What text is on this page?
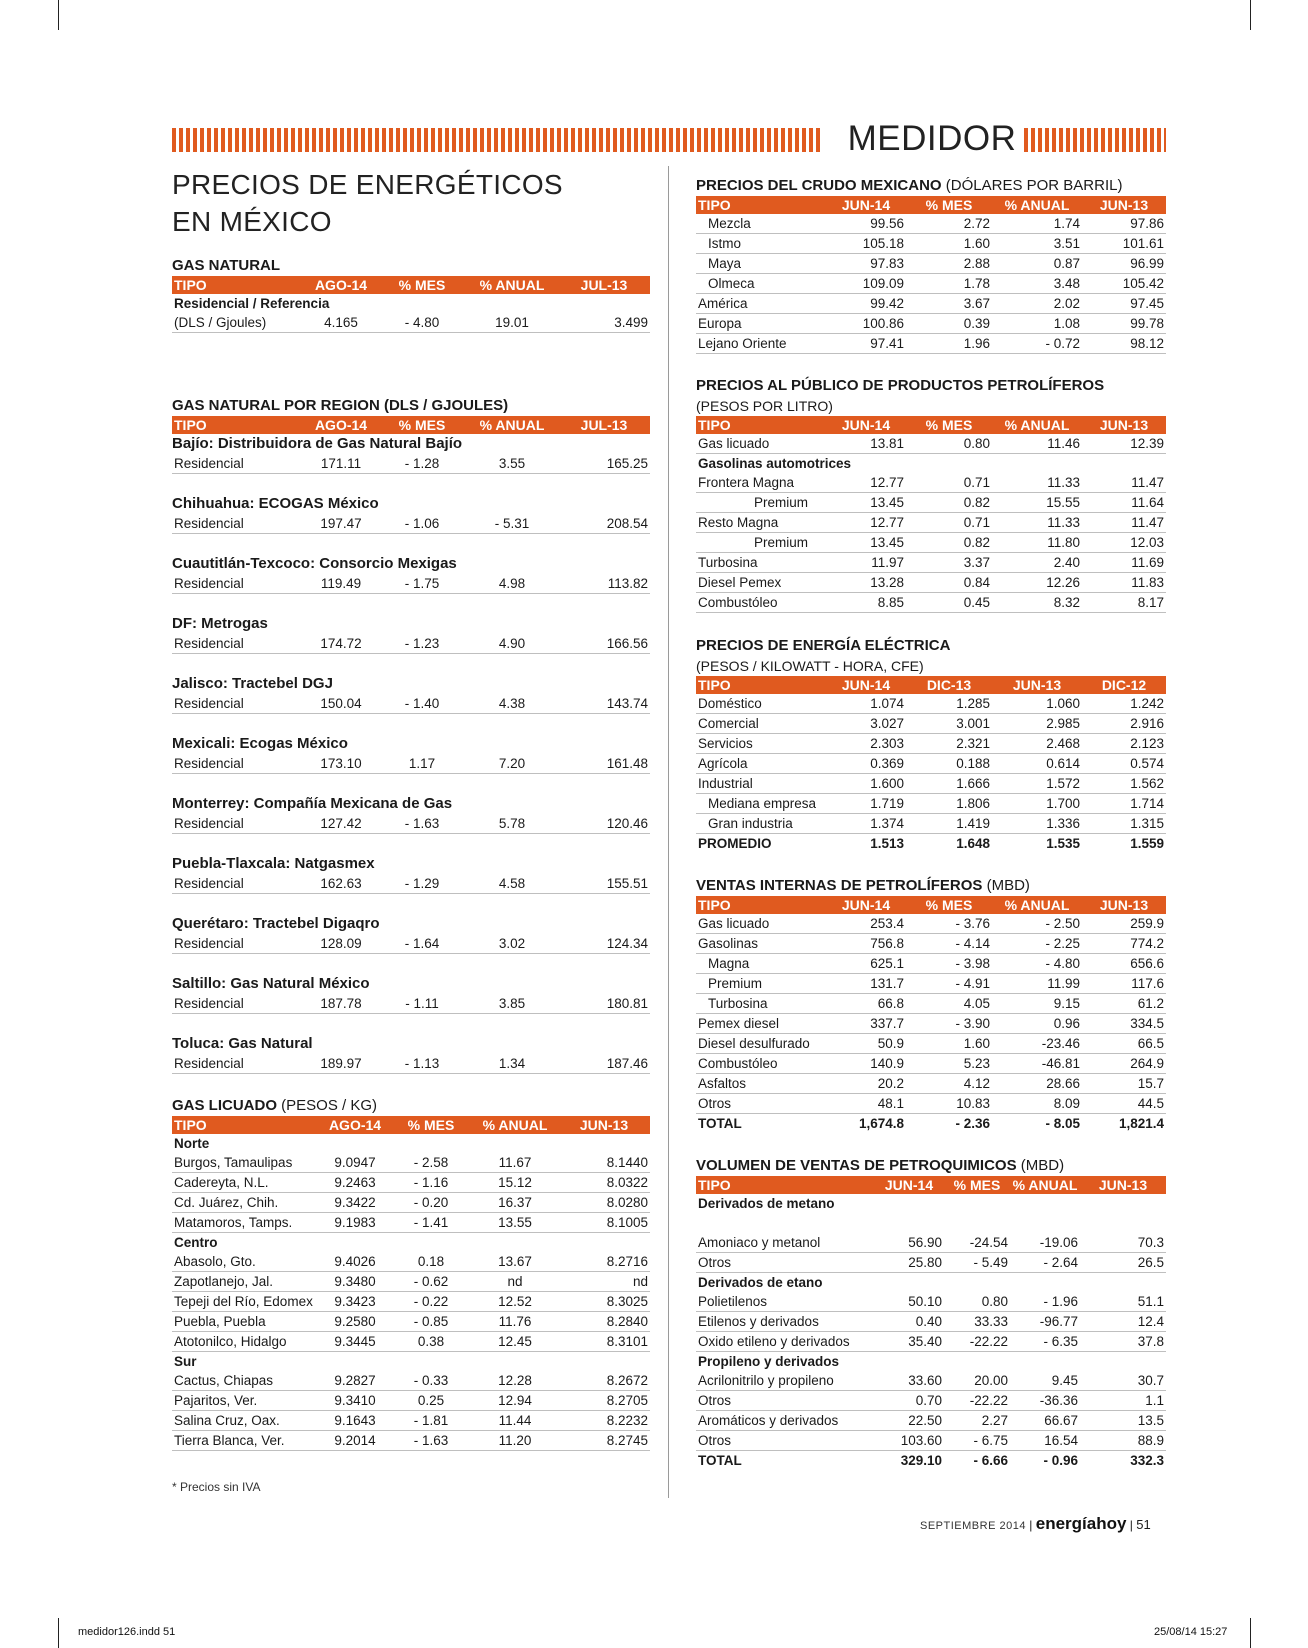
MEDIDOR
PRECIOS DE ENERGÉTICOS
EN MÉXICO
GAS NATURAL
TIPO	AGO-14	% MES	% ANUAL	JUL-13
Residencial / Referencia				
(DLS / Gjoules)	4.165	- 4.80	19.01	3.499
GAS NATURAL POR REGION (DLS / GJOULES)
TIPO	AGO-14	% MES	% ANUAL	JUL-13
Bajío: Distribuidora de Gas Natural Bajío
Residencial	171.11	- 1.28	3.55	165.25
Chihuahua: ECOGAS México
Residencial	197.47	- 1.06	- 5.31	208.54
Cuautitlán-Texcoco: Consorcio Mexigas
Residencial	119.49	- 1.75	4.98	113.82
DF: Metrogas
Residencial	174.72	- 1.23	4.90	166.56
Jalisco: Tractebel DGJ
Residencial	150.04	- 1.40	4.38	143.74
Mexicali: Ecogas México
Residencial	173.10	1.17	7.20	161.48
Monterrey: Compañía Mexicana de Gas
Residencial	127.42	- 1.63	5.78	120.46
Puebla-Tlaxcala: Natgasmex
Residencial	162.63	- 1.29	4.58	155.51
Querétaro: Tractebel Digaqro
Residencial	128.09	- 1.64	3.02	124.34
Saltillo: Gas Natural México
Residencial	187.78	- 1.11	3.85	180.81
Toluca: Gas Natural
Residencial	189.97	- 1.13	1.34	187.46
GAS LICUADO (PESOS / KG)
TIPO	AGO-14	% MES	% ANUAL	JUN-13
Norte				
Burgos, Tamaulipas	9.0947	- 2.58	11.67	8.1440
Cadereyta, N.L.	9.2463	- 1.16	15.12	8.0322
Cd. Juárez, Chih.	9.3422	- 0.20	16.37	8.0280
Matamoros, Tamps.	9.1983	- 1.41	13.55	8.1005
Centro				
Abasolo, Gto.	9.4026	0.18	13.67	8.2716
Zapotlanejo, Jal.	9.3480	- 0.62	nd	nd
Tepeji del Río, Edomex	9.3423	- 0.22	12.52	8.3025
Puebla, Puebla	9.2580	- 0.85	11.76	8.2840
Atotonilco, Hidalgo	9.3445	0.38	12.45	8.3101
Sur				
Cactus, Chiapas	9.2827	- 0.33	12.28	8.2672
Pajaritos, Ver.	9.3410	0.25	12.94	8.2705
Salina Cruz, Oax.	9.1643	- 1.81	11.44	8.2232
Tierra Blanca, Ver.	9.2014	- 1.63	11.20	8.2745
* Precios sin IVA
PRECIOS DEL CRUDO MEXICANO (DÓLARES POR BARRIL)
TIPO	JUN-14	% MES	% ANUAL	JUN-13
Mezcla	99.56	2.72	1.74	97.86
Istmo	105.18	1.60	3.51	101.61
Maya	97.83	2.88	0.87	96.99
Olmeca	109.09	1.78	3.48	105.42
América	99.42	3.67	2.02	97.45
Europa	100.86	0.39	1.08	99.78
Lejano Oriente	97.41	1.96	- 0.72	98.12
PRECIOS AL PÚBLICO DE PRODUCTOS PETROLÍFEROS
(PESOS POR LITRO)
TIPO	JUN-14	% MES	% ANUAL	JUN-13
Gas licuado	13.81	0.80	11.46	12.39
Gasolinas automotrices				
Frontera Magna	12.77	0.71	11.33	11.47
Premium	13.45	0.82	15.55	11.64
Resto Magna	12.77	0.71	11.33	11.47
Premium	13.45	0.82	11.80	12.03
Turbosina	11.97	3.37	2.40	11.69
Diesel Pemex	13.28	0.84	12.26	11.83
Combustóleo	8.85	0.45	8.32	8.17
PRECIOS DE ENERGÍA ELÉCTRICA
(PESOS / KILOWATT - HORA, CFE)
TIPO	JUN-14	DIC-13	JUN-13	DIC-12
Doméstico	1.074	1.285	1.060	1.242
Comercial	3.027	3.001	2.985	2.916
Servicios	2.303	2.321	2.468	2.123
Agrícola	0.369	0.188	0.614	0.574
Industrial	1.600	1.666	1.572	1.562
Mediana empresa	1.719	1.806	1.700	1.714
Gran industria	1.374	1.419	1.336	1.315
PROMEDIO	1.513	1.648	1.535	1.559
VENTAS INTERNAS DE PETROLÍFEROS (MBD)
TIPO	JUN-14	% MES	% ANUAL	JUN-13
Gas licuado	253.4	- 3.76	- 2.50	259.9
Gasolinas	756.8	- 4.14	- 2.25	774.2
Magna	625.1	- 3.98	- 4.80	656.6
Premium	131.7	- 4.91	11.99	117.6
Turbosina	66.8	4.05	9.15	61.2
Pemex diesel	337.7	- 3.90	0.96	334.5
Diesel desulfurado	50.9	1.60	-23.46	66.5
Combustóleo	140.9	5.23	-46.81	264.9
Asfaltos	20.2	4.12	28.66	15.7
Otros	48.1	10.83	8.09	44.5
TOTAL	1,674.8	- 2.36	- 8.05	1,821.4
VOLUMEN DE VENTAS DE PETROQUIMICOS (MBD)
TIPO	JUN-14	% MES	% ANUAL	JUN-13
Derivados de metano				

Amoniaco y metanol	56.90	-24.54	-19.06	70.3
Otros	25.80	- 5.49	- 2.64	26.5
Derivados de etano				
Polietilenos	50.10	0.80	- 1.96	51.1
Etilenos y derivados	0.40	33.33	-96.77	12.4
Oxido etileno y derivados	35.40	-22.22	- 6.35	37.8
Propileno y derivados				
Acrilonitrilo y propileno	33.60	20.00	9.45	30.7
Otros	0.70	-22.22	-36.36	1.1
Aromáticos y derivados	22.50	2.27	66.67	13.5
Otros	103.60	- 6.75	16.54	88.9
TOTAL	329.10	- 6.66	- 0.96	332.3
SEPTIEMBRE 2014 | energíahoy | 51
medidor126.indd 51	25/08/14 15:27
